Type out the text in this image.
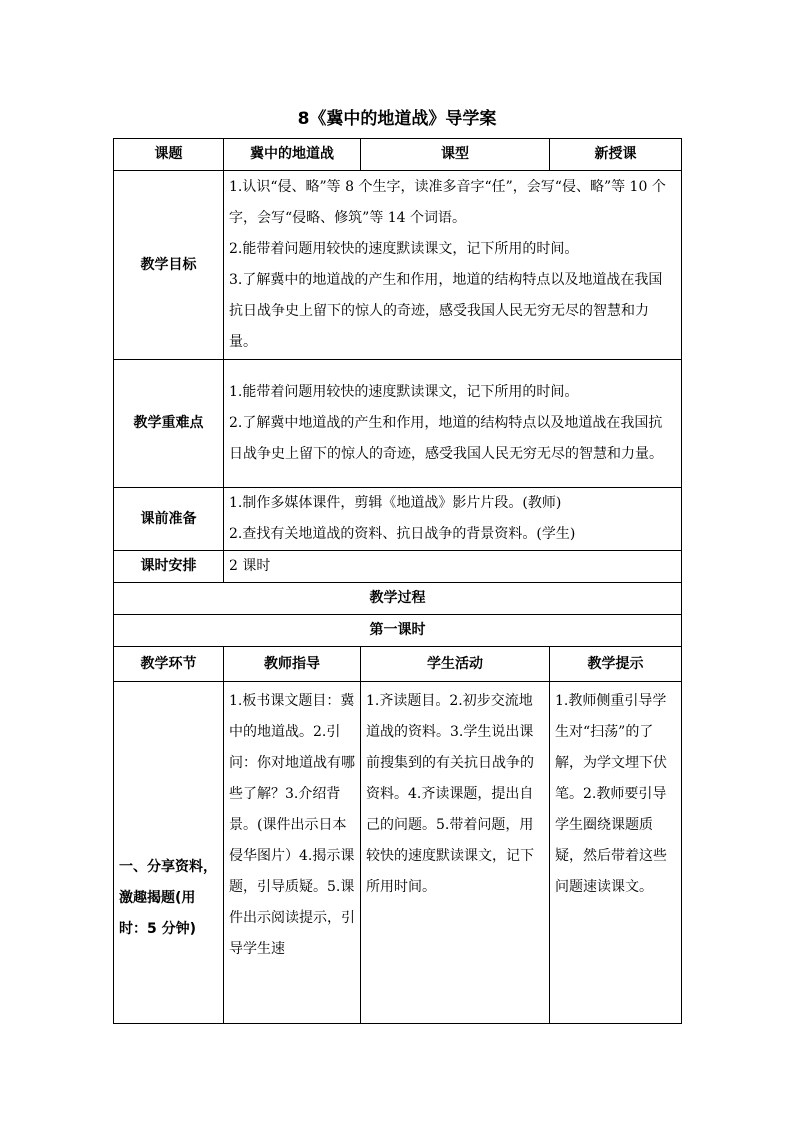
8《冀中的地道战》导学案
课题	冀中的地道战	课型	新授课
教学目标	1.认识“侵、略”等 8 个生字，读准多音字“任”，会写“侵、略”等 10 个字，会写“侵略、修筑”等 14 个词语。

2.能带着问题用较快的速度默读课文，记下所用的时间。

3.了解冀中的地道战的产生和作用，地道的结构特点以及地道战在我国抗日战争史上留下的惊人的奇迹，感受我国人民无穷无尽的智慧和力量。		

教学重难点	1.能带着问题用较快的速度默读课文，记下所用的时间。

2.了解冀中地道战的产生和作用，地道的结构特点以及地道战在我国抗日战争史上留下的惊人的奇迹，感受我国人民无穷无尽的智慧和力量。		

课前准备	1.制作多媒体课件，剪辑《地道战》影片片段。(教师)

2.查找有关地道战的资料、抗日战争的背景资料。(学生)		

课时安排	2 课时		
教学过程			
第一课时			
教学环节	教师指导	学生活动	教学提示
一、分享资料，激趣揭题(用时：5 分钟)	1.板书课文题目：冀中的地道战。2.引问：你对地道战有哪些了解？3.介绍背景。(课件出示日本侵华图片）4.揭示课题，引导质疑。5.课件出示阅读提示，引导学生速	1.齐读题目。2.初步交流地道战的资料。3.学生说出课前搜集到的有关抗日战争的资料。4.齐读课题，提出自己的问题。5.带着问题，用较快的速度默读课文，记下所用时间。	1.教师侧重引导学生对“扫荡”的了解，为学文埋下伏笔。2.教师要引导学生圈绕课题质疑，然后带着这些问题速读课文。
